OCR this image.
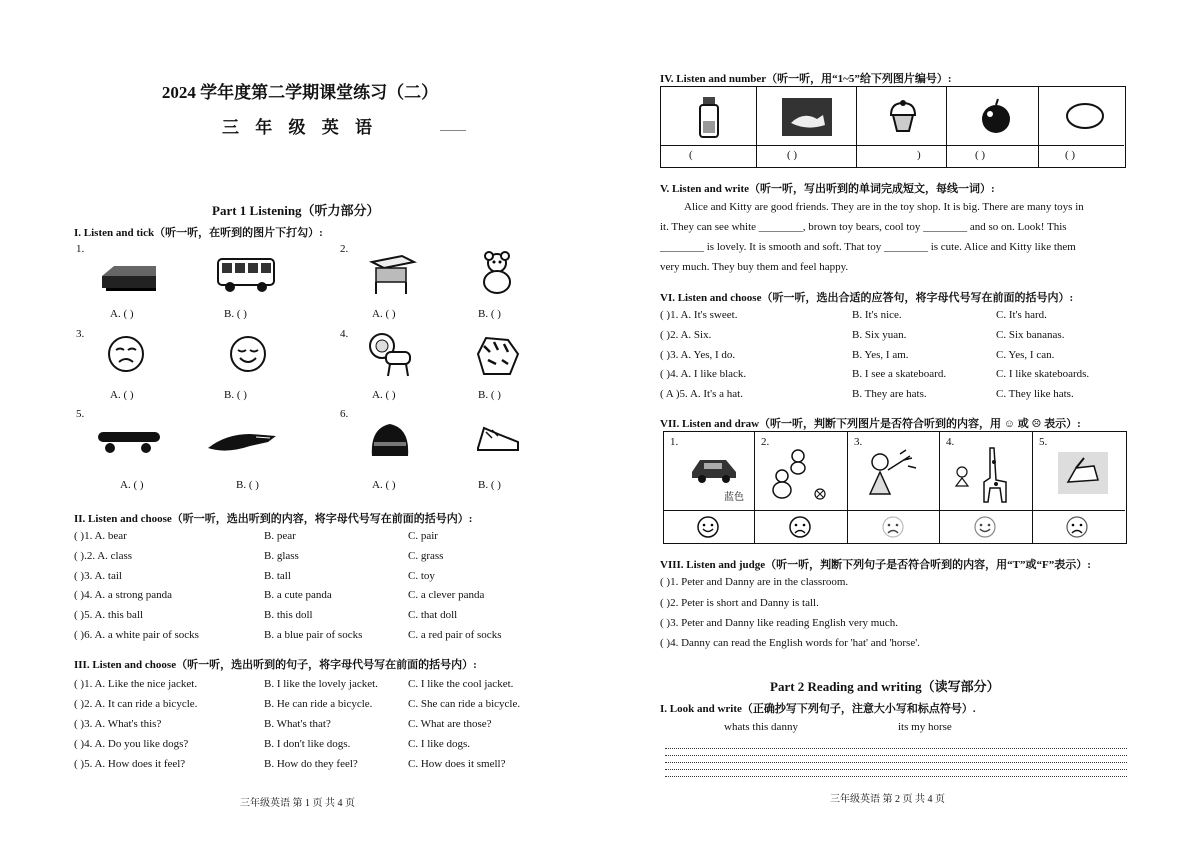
2024 学年度第二学期课堂练习（二）
三 年 级 英 语
Part 1 Listening（听力部分）
I. Listen and tick（听一听，在听到的图片下打勾）:
1.	2.
3.	4.
5.	6.
A. ( )	B. ( )	A. ( )	B. ( )
A. ( )	B. ( )	A. ( )	B. ( )
A. ( )	B. ( )	A. ( )	B. ( )
II. Listen and choose（听一听，选出听到的内容，将字母代号写在前面的括号内）:
( )1. A. bear	B. pear	C. pair
( ).2. A. class	B. glass	C. grass
( )3. A. tail	B. tall	C. toy
( )4. A. a strong panda	B. a cute panda	C. a clever panda
( )5. A. this ball	B. this doll	C. that doll
( )6. A. a white pair of socks	B. a blue pair of socks	C. a red pair of socks
III. Listen and choose（听一听，选出听到的句子，将字母代号写在前面的括号内）:
( )1. A. Like the nice jacket.	B. I like the lovely jacket.	C. I like the cool jacket.
( )2. A. It can ride a bicycle.	B. He can ride a bicycle.	C. She can ride a bicycle.
( )3. A. What's this?	B. What's that?	C. What are those?
( )4. A. Do you like dogs?	B. I don't like dogs.	C. I like dogs.
( )5. A. How does it feel?	B. How do they feel?	C. How does it smell?
三年级英语 第 1 页 共 4 页
IV. Listen and number（听一听，用“1~5”给下列图片编号）:
(	( )	)	( )	( )
V. Listen and write（听一听，写出听到的单词完成短文，每线一词）:
Alice and Kitty are good friends. They are in the toy shop. It is big. There are many toys in
it. They can see white ________, brown toy bears, cool toy ________ and so on. Look! This
________ is lovely. It is smooth and soft. That toy ________ is cute. Alice and Kitty like them
very much. They buy them and feel happy.
VI. Listen and choose（听一听，选出合适的应答句，将字母代号写在前面的括号内）:
( )1. A. It's sweet.	B. It's nice.	C. It's hard.
( )2. A. Six.	B. Six yuan.	C. Six bananas.
( )3. A. Yes, I do.	B. Yes, I am.	C. Yes, I can.
( )4. A. I like black.	B. I see a skateboard.	C. I like skateboards.
( A )5. A. It's a hat.	B. They are hats.	C. They like hats.
VII. Listen and draw（听一听，判断下列图片是否符合听到的内容，用 ☺ 或 ☹ 表示）:
1.	2.	3.	4.	5.
蓝色
VIII. Listen and judge（听一听，判断下列句子是否符合听到的内容，用“T”或“F”表示）:
( )1. Peter and Danny are in the classroom.
( )2. Peter is short and Danny is tall.
( )3. Peter and Danny like reading English very much.
( )4. Danny can read the English words for 'hat' and 'horse'.
Part 2 Reading and writing（读写部分）
I. Look and write（正确抄写下列句子，注意大小写和标点符号）.
whats this danny	its my horse
三年级英语 第 2 页 共 4 页
